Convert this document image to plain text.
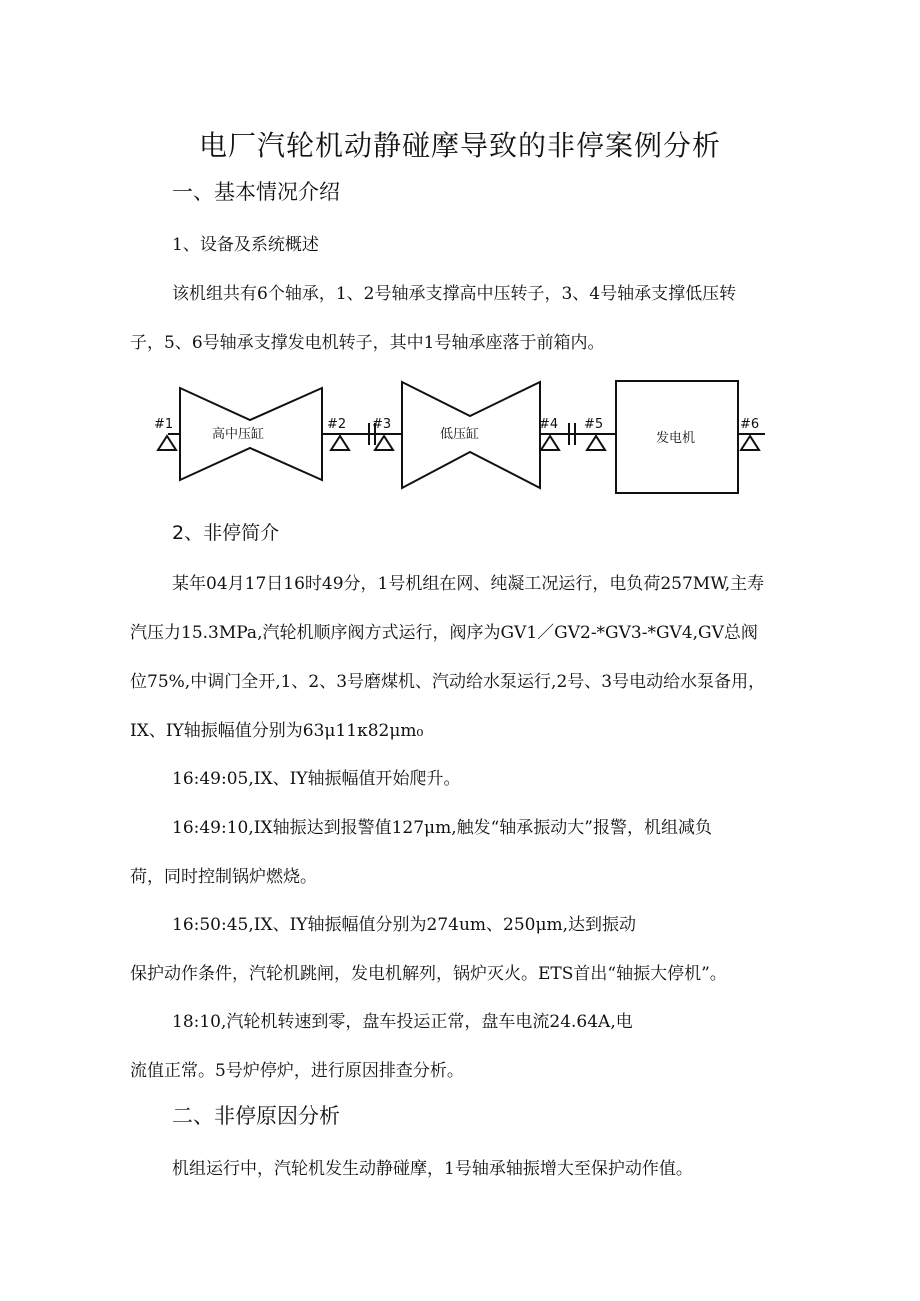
电厂汽轮机动静碰摩导致的非停案例分析
一、基本情况介绍
1、设备及系统概述
该机组共有6个轴承，1、2号轴承支撑高中压转子，3、4号轴承支撑低压转
子，5、6号轴承支撑发电机转子，其中1号轴承座落于前箱内。
高中压缸	低压缸	发电机
#1	#2 #3	#4 #5	#6
2、非停简介
某年04月17日16时49分，1号机组在网、纯凝工况运行，电负荷257MW,主寿
汽压力15.3MPa,汽轮机顺序阀方式运行，阀序为GV1／GV2-*GV3-*GV4,GV总阀
位75%,中调门全开,1、2、3号磨煤机、汽动给水泵运行,2号、3号电动给水泵备用，
IX、IY轴振幅值分别为63μ11κ82μm₀
16:49:05,IX、IY轴振幅值开始爬升。
16:49:10,IX轴振达到报警值127μm,触发“轴承振动大”报警，机组减负
荷，同时控制锅炉燃烧。
16:50:45,IX、IY轴振幅值分别为274um、250μm,达到振动
保护动作条件，汽轮机跳闸，发电机解列，锅炉灭火。ETS首出“轴振大停机”。
18:10,汽轮机转速到零，盘车投运正常，盘车电流24.64A,电
流值正常。5号炉停炉，进行原因排查分析。
二、非停原因分析
机组运行中，汽轮机发生动静碰摩，1号轴承轴振增大至保护动作值。
